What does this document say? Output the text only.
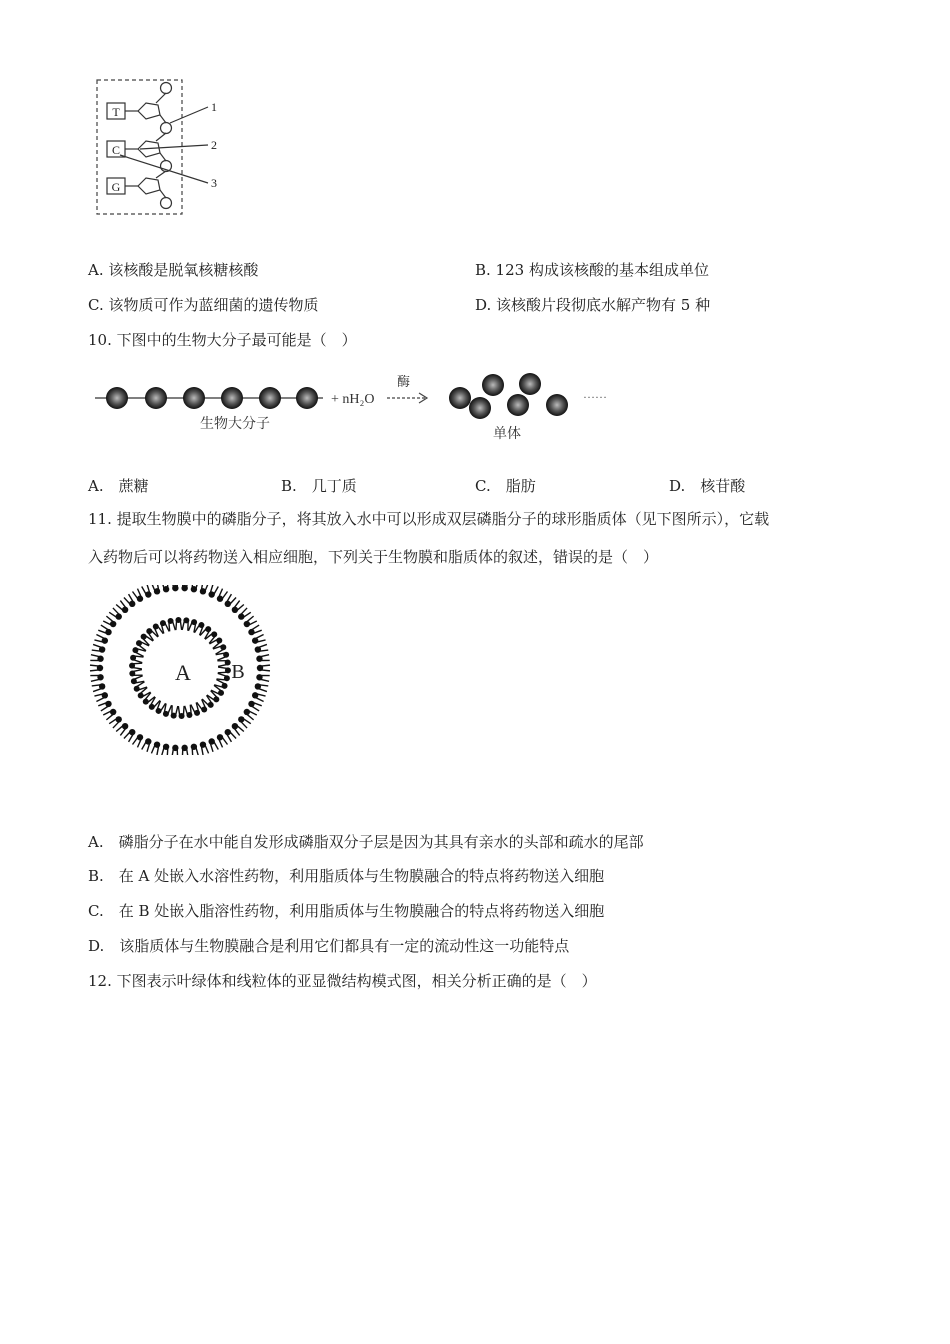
T
C
G
1
2
3
A. 该核酸是脱氧核糖核酸	B. 123 构成该核酸的基本组成单位
C. 该物质可作为蓝细菌的遗传物质	D. 该核酸片段彻底水解产物有 5 种
10. 下图中的生物大分子最可能是（　）
生物大分子
+ nH₂O
酶
……
单体
A.　蔗糖	B.　几丁质	C.　脂肪	D.　核苷酸
11. 提取生物膜中的磷脂分子，将其放入水中可以形成双层磷脂分子的球形脂质体（见下图所示），它载
入药物后可以将药物送入相应细胞，下列关于生物膜和脂质体的叙述，错误的是（　）
A B
A.　磷脂分子在水中能自发形成磷脂双分子层是因为其具有亲水的头部和疏水的尾部
B.　在 A 处嵌入水溶性药物，利用脂质体与生物膜融合的特点将药物送入细胞
C.　在 B 处嵌入脂溶性药物，利用脂质体与生物膜融合的特点将药物送入细胞
D.　该脂质体与生物膜融合是利用它们都具有一定的流动性这一功能特点
12. 下图表示叶绿体和线粒体的亚显微结构模式图，相关分析正确的是（　）
